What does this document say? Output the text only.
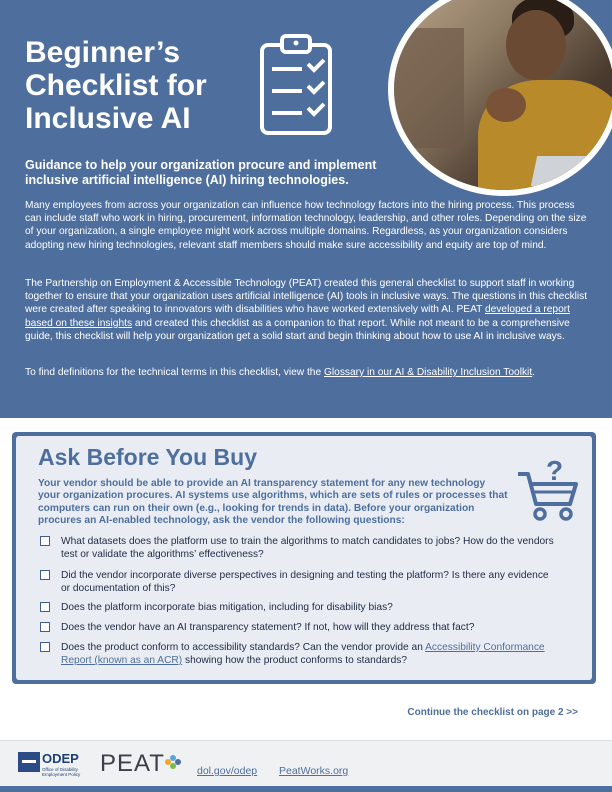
Beginner’s
Checklist for
Inclusive AI

Guidance to help your organization procure and implement inclusive artificial intelligence (AI) hiring technologies.

Many employees from across your organization can influence how technology factors into the hiring process. This process can include staff who work in hiring, procurement, information technology, leadership, and other roles. Depending on the size of your organization, a single employee might work across multiple domains. Regardless, as your organization considers adopting new hiring technologies, relevant staff members should make sure accessibility and equity are top of mind.

The Partnership on Employment & Accessible Technology (PEAT) created this general checklist to support staff in working together to ensure that your organization uses artificial intelligence (AI) tools in inclusive ways. The questions in this checklist were created after speaking to innovators with disabilities who have worked extensively with AI. PEAT developed a report based on these insights and created this checklist as a companion to that report. While not meant to be a comprehensive guide, this checklist will help your organization get a solid start and begin thinking about how to use AI in inclusive ways.

To find definitions for the technical terms in this checklist, view the Glossary in our AI & Disability Inclusion Toolkit.

Ask Before You Buy

Your vendor should be able to provide an AI transparency statement for any new technology your organization procures. AI systems use algorithms, which are sets of rules or processes that computers can run on their own (e.g., looking for trends in data). Before your organization procures an AI-enabled technology, ask the vendor the following questions:

?
What datasets does the platform use to train the algorithms to match candidates to jobs? How do the vendors test or validate the algorithms’ effectiveness?
Did the vendor incorporate diverse perspectives in designing and testing the platform? Is there any evidence or documentation of this?
Does the platform incorporate bias mitigation, including for disability bias?
Does the vendor have an AI transparency statement? If not, how will they address that fact?
Does the product conform to accessibility standards? Can the vendor provide an Accessibility Conformance Report (known as an ACR) showing how the product conforms to standards?
Continue the checklist on page 2 >>
ODEP
Office of Disability Employment Policy PEAT	dol.gov/odep PeatWorks.org
